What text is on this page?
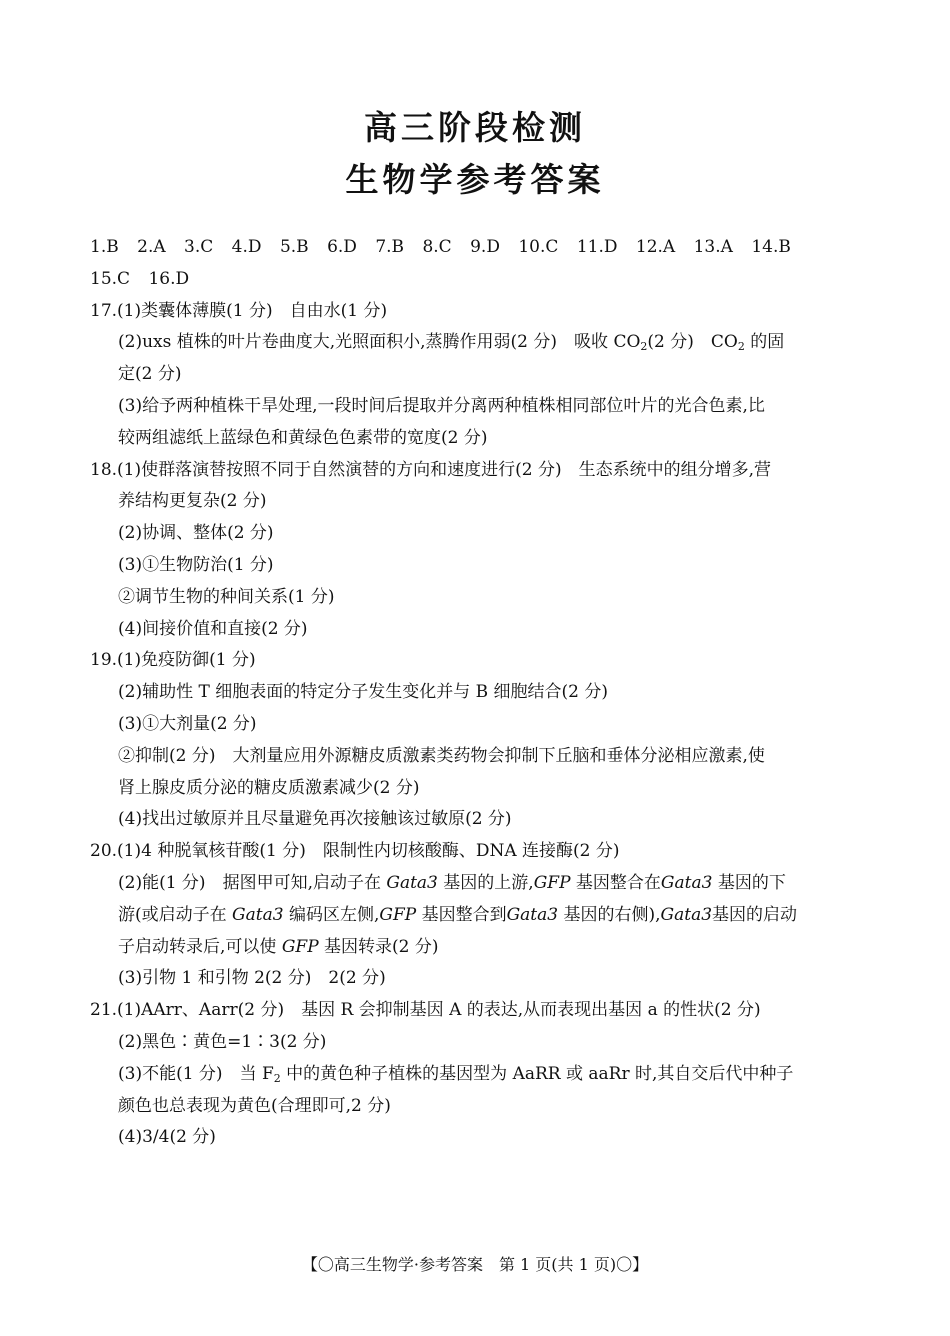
高三阶段检测
生物学参考答案
1.B 2.A 3.C 4.D 5.B 6.D 7.B 8.C 9.D 10.C 11.D 12.A 13.A 14.B
15.C 16.D
17.(1)类囊体薄膜(1 分)　自由水(1 分)
(2)uxs 植株的叶片卷曲度大,光照面积小,蒸腾作用弱(2 分)　吸收 $CO_2(2$ 分)　$CO_2$ 的固
定(2 分)
(3)给予两种植株干旱处理,一段时间后提取并分离两种植株相同部位叶片的光合色素,比
较两组滤纸上蓝绿色和黄绿色色素带的宽度(2 分)
18.(1)使群落演替按照不同于自然演替的方向和速度进行(2 分)　生态系统中的组分增多,营
养结构更复杂(2 分)
(2)协调、整体(2 分)
(3)①生物防治(1 分)
②调节生物的种间关系(1 分)
(4)间接价值和直接(2 分)
19.(1)免疫防御(1 分)
(2)辅助性 T 细胞表面的特定分子发生变化并与 B 细胞结合(2 分)
(3)①大剂量(2 分)
②抑制(2 分)　大剂量应用外源糖皮质激素类药物会抑制下丘脑和垂体分泌相应激素,使
肾上腺皮质分泌的糖皮质激素减少(2 分)
(4)找出过敏原并且尽量避免再次接触该过敏原(2 分)
20.(1)4 种脱氧核苷酸(1 分)　限制性内切核酸酶、DNA 连接酶(2 分)
(2)能(1 分)　据图甲可知,启动子在 Gata3 基因的上游,GFP 基因整合在Gata3 基因的下
游(或启动子在 Gata3 编码区左侧,GFP 基因整合到Gata3 基因的右侧),Gata3基因的启动
子启动转录后,可以使 GFP 基因转录(2 分)
(3)引物 1 和引物 2(2 分)　2(2 分)
21.(1)AArr、Aarr(2 分)　基因 R 会抑制基因 A 的表达,从而表现出基因 a 的性状(2 分)
(2)黑色∶黄色=1∶3(2 分)
(3)不能(1 分)　当 $F_2$ 中的黄色种子植株的基因型为 AaRR 或 aaRr 时,其自交后代中种子
颜色也总表现为黄色(合理即可,2 分)
(4)3/4(2 分)
【〇高三生物学·参考答案　第 1 页(共 1 页)〇】
